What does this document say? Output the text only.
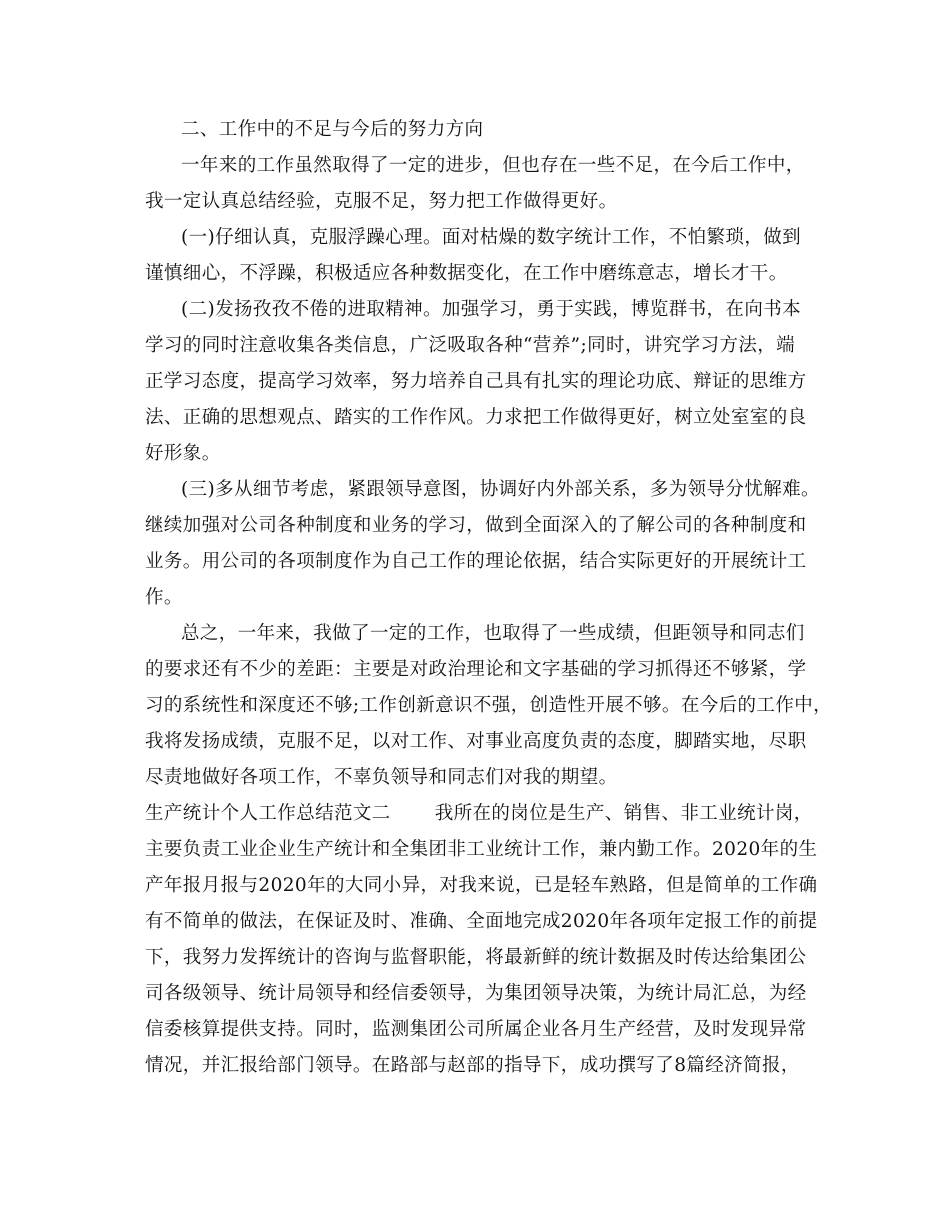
二、工作中的不足与今后的努力方向
一年来的工作虽然取得了一定的进步，但也存在一些不足，在今后工作中，
我一定认真总结经验，克服不足，努力把工作做得更好。
(一)仔细认真，克服浮躁心理。面对枯燥的数字统计工作，不怕繁琐，做到
谨慎细心，不浮躁，积极适应各种数据变化，在工作中磨练意志，增长才干。
(二)发扬孜孜不倦的进取精神。加强学习，勇于实践，博览群书，在向书本
学习的同时注意收集各类信息，广泛吸取各种“营养”;同时，讲究学习方法，端
正学习态度，提高学习效率，努力培养自己具有扎实的理论功底、辩证的思维方
法、正确的思想观点、踏实的工作作风。力求把工作做得更好，树立处室室的良
好形象。
(三)多从细节考虑，紧跟领导意图，协调好内外部关系，多为领导分忧解难。
继续加强对公司各种制度和业务的学习，做到全面深入的了解公司的各种制度和
业务。用公司的各项制度作为自己工作的理论依据，结合实际更好的开展统计工
作。
总之，一年来，我做了一定的工作，也取得了一些成绩，但距领导和同志们
的要求还有不少的差距：主要是对政治理论和文字基础的学习抓得还不够紧，学
习的系统性和深度还不够;工作创新意识不强，创造性开展不够。在今后的工作中，
我将发扬成绩，克服不足，以对工作、对事业高度负责的态度，脚踏实地，尽职
尽责地做好各项工作，不辜负领导和同志们对我的期望。
生产统计个人工作总结范文二 我所在的岗位是生产、销售、非工业统计岗，
主要负责工业企业生产统计和全集团非工业统计工作，兼内勤工作。2020年的生
产年报月报与2020年的大同小异，对我来说，已是轻车熟路，但是简单的工作确
有不简单的做法，在保证及时、准确、全面地完成2020年各项年定报工作的前提
下，我努力发挥统计的咨询与监督职能，将最新鲜的统计数据及时传达给集团公
司各级领导、统计局领导和经信委领导，为集团领导决策，为统计局汇总，为经
信委核算提供支持。同时，监测集团公司所属企业各月生产经营，及时发现异常
情况，并汇报给部门领导。在路部与赵部的指导下，成功撰写了8篇经济简报，
